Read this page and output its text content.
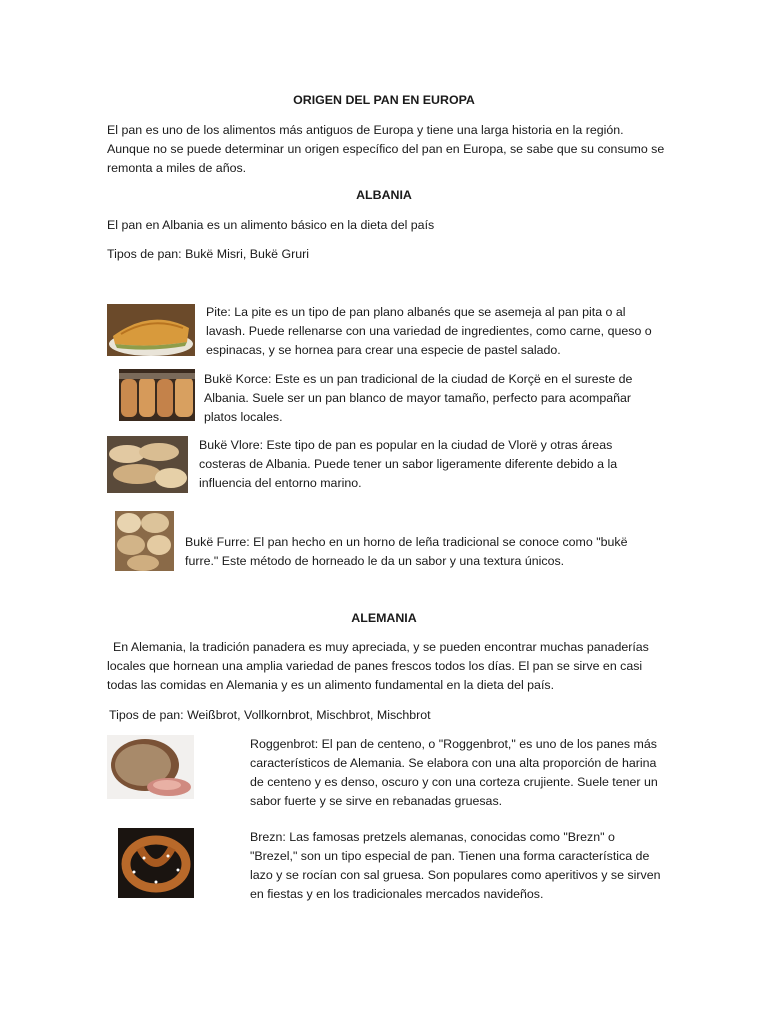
ORIGEN DEL PAN EN EUROPA

El pan es uno de los alimentos más antiguos de Europa y tiene una larga historia en la región. Aunque no se puede determinar un origen específico del pan en Europa, se sabe que su consumo se remonta a miles de años.

ALBANIA

El pan en Albania es un alimento básico en la dieta del país

Tipos de pan: Bukë Misri, Bukë Gruri

Pite: La pite es un tipo de pan plano albanés que se asemeja al pan pita o al lavash. Puede rellenarse con una variedad de ingredientes, como carne, queso o espinacas, y se hornea para crear una especie de pastel salado.

Bukë Korce: Este es un pan tradicional de la ciudad de Korçë en el sureste de Albania. Suele ser un pan blanco de mayor tamaño, perfecto para acompañar platos locales.

Bukë Vlore: Este tipo de pan es popular en la ciudad de Vlorë y otras áreas costeras de Albania. Puede tener un sabor ligeramente diferente debido a la influencia del entorno marino.

Bukë Furre: El pan hecho en un horno de leña tradicional se conoce como "bukë furre." Este método de horneado le da un sabor y una textura únicos.

ALEMANIA

En Alemania, la tradición panadera es muy apreciada, y se pueden encontrar muchas panaderías locales que hornean una amplia variedad de panes frescos todos los días. El pan se sirve en casi todas las comidas en Alemania y es un alimento fundamental en la dieta del país.

Tipos de pan: Weißbrot, Vollkornbrot, Mischbrot, Mischbrot

Roggenbrot: El pan de centeno, o "Roggenbrot," es uno de los panes más característicos de Alemania. Se elabora con una alta proporción de harina de centeno y es denso, oscuro y con una corteza crujiente. Suele tener un sabor fuerte y se sirve en rebanadas gruesas.

Brezn: Las famosas pretzels alemanas, conocidas como "Brezn" o "Brezel," son un tipo especial de pan. Tienen una forma característica de lazo y se rocían con sal gruesa. Son populares como aperitivos y se sirven en fiestas y en los tradicionales mercados navideños.
